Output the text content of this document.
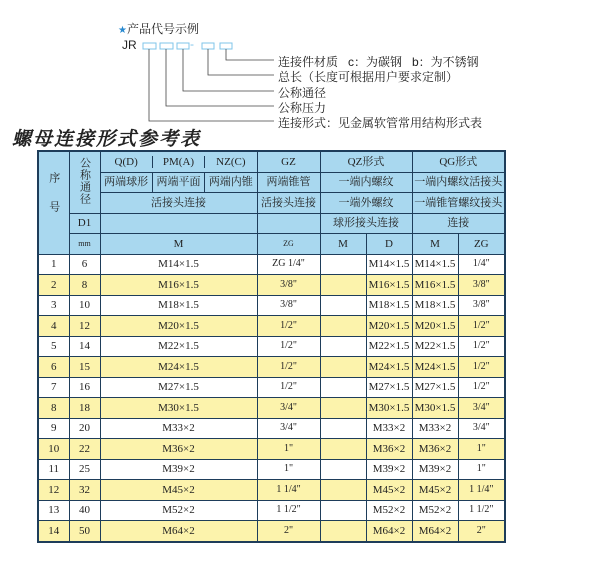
★产品代号示例
JR	-
连接件材质   c：为碳钢   b：为不锈钢
总长（长度可根据用户要求定制）
公称通径
公称压力
连接形式：见金属软管常用结构形式表
螺母连接形式参考表
序号	公称通径	Q(D) PM(A) NZ(C)	GZ	QZ形式		QG形式	

		两端球形 两端平面 两端内锥	两端锥管	一端内螺纹		一端内螺纹活接头	
		活接头连接	活接头连接	一端外螺纹		一端锥管螺纹接头	
	D1			球形接头连接		连接	
	mm	M	ZG	M	D	M	ZG
1	6	M14×1.5	ZG 1/4"		M14×1.5	M14×1.5	1/4"
2	8	M16×1.5	3/8"		M16×1.5	M16×1.5	3/8"
3	10	M18×1.5	3/8"		M18×1.5	M18×1.5	3/8"
4	12	M20×1.5	1/2"		M20×1.5	M20×1.5	1/2"
5	14	M22×1.5	1/2"		M22×1.5	M22×1.5	1/2"
6	15	M24×1.5	1/2"		M24×1.5	M24×1.5	1/2"
7	16	M27×1.5	1/2"		M27×1.5	M27×1.5	1/2"
8	18	M30×1.5	3/4"		M30×1.5	M30×1.5	3/4"
9	20	M33×2	3/4"		M33×2	M33×2	3/4"
10	22	M36×2	1"		M36×2	M36×2	1"
11	25	M39×2	1"		M39×2	M39×2	1"
12	32	M45×2	1 1/4"		M45×2	M45×2	1 1/4"
13	40	M52×2	1 1/2"		M52×2	M52×2	1 1/2"
14	50	M64×2	2"		M64×2	M64×2	2"
